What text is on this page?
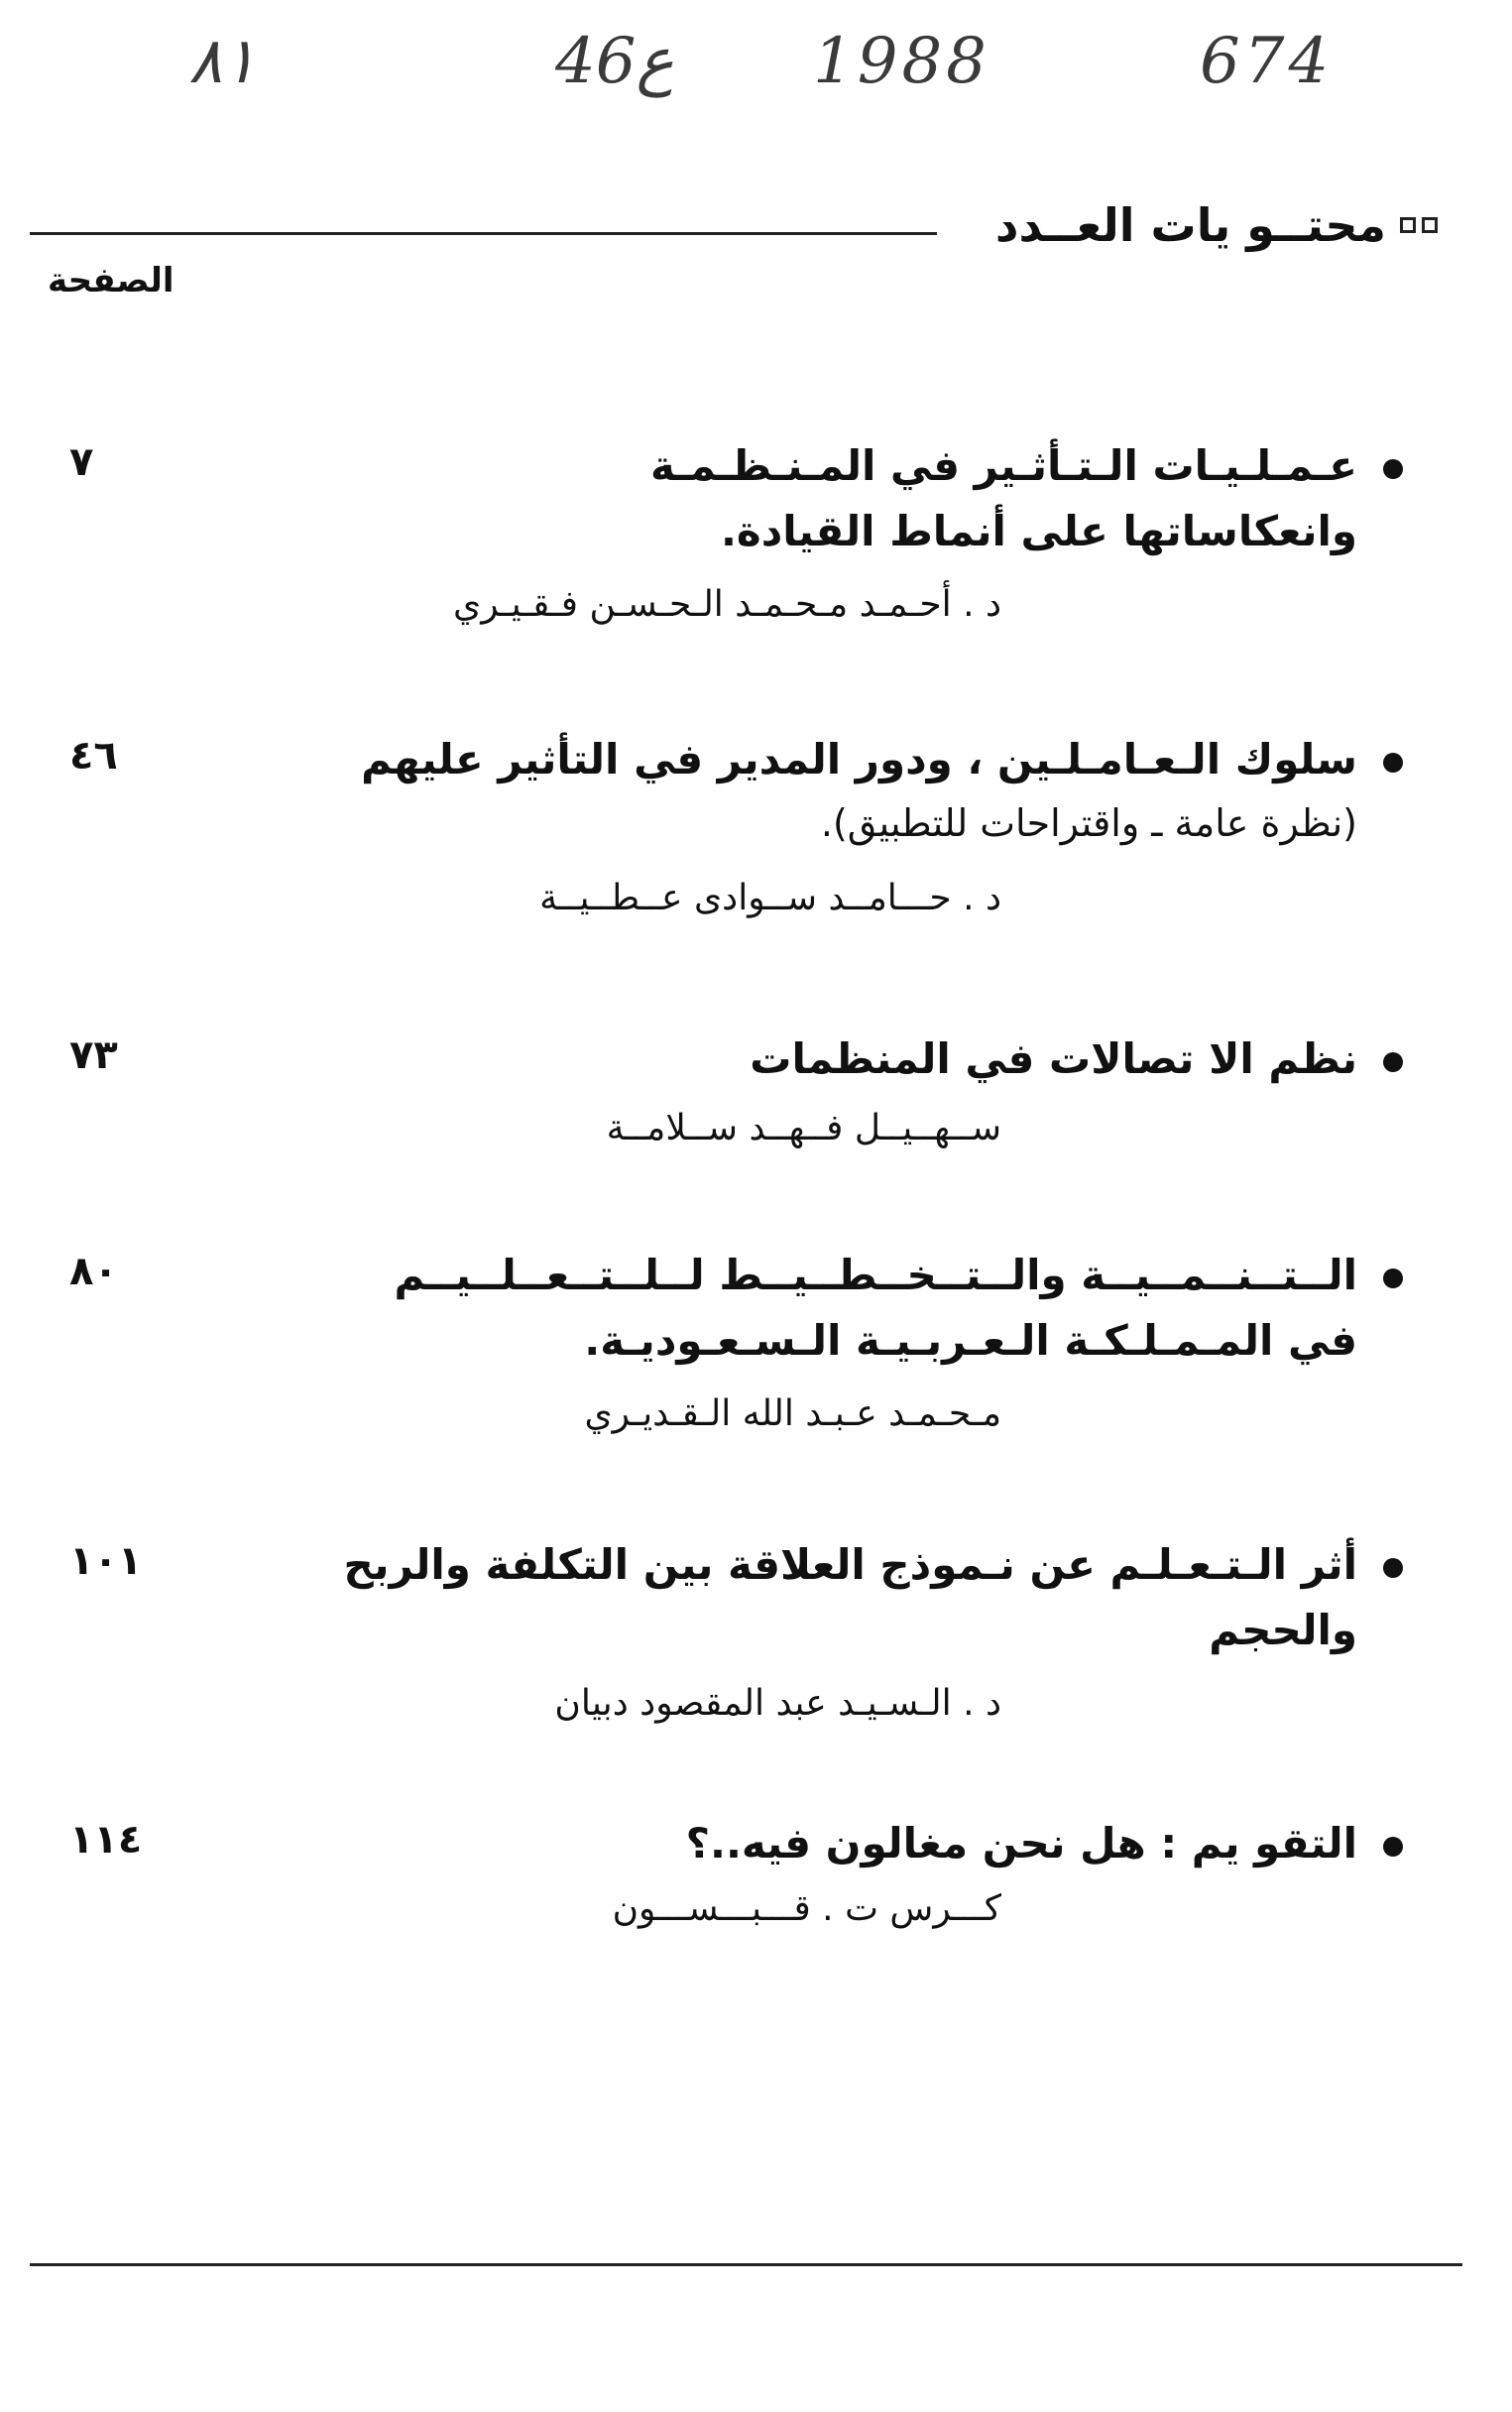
٨١	46ع 1988	674
محتــو يات العــدد
الصفحة
٧	عـمـلـيـات الـتـأثـير في المـنـظـمـة
وانعكاساتها على أنماط القيادة.
د . أحـمـد مـحـمـد الـحـسـن فـقـيـري
٤٦	سلوك الـعـامـلـين ، ودور المدير في التأثير عليهم
(نظرة عامة ـ واقتراحات للتطبيق).
د . حـــامــد ســوادى عــطــيــة
٧٣	نظم الا تصالات في المنظمات
ســهــيــل فــهــد ســلامــة
٨٠	الــتــنــمــيــة والــتــخــطــيــط لــلــتــعــلــيــم
في المـمـلـكـة الـعـربـيـة الـسـعـوديـة.
مـحـمـد عـبـد الله الـقـديـري
١٠١	أثر الـتـعـلـم عن نـموذج العلاقة بين التكلفة والربح
والحجم
د . الـسـيـد عبد المقصود دبيان
١١٤	التقو يم : هل نحن مغالون فيه..؟
كـــرس ت . قـــبـــســـون
